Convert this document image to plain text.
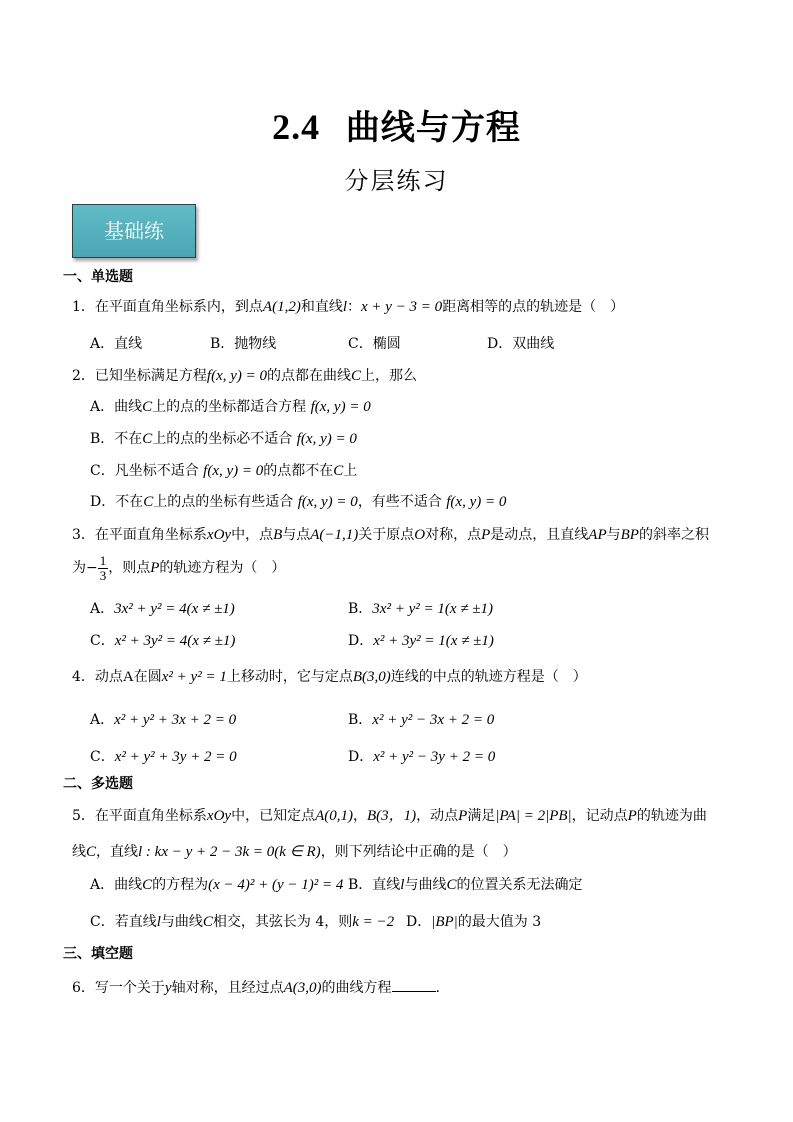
2.4 曲线与方程
分层练习
基础练
一、单选题
1．在平面直角坐标系内，到点A(1,2)和直线l：x + y − 3 = 0距离相等的点的轨迹是（　）
A．直线	B．抛物线	C．椭圆	D．双曲线
2．已知坐标满足方程f(x, y) = 0的点都在曲线C上，那么
A．曲线C上的点的坐标都适合方程 f(x, y) = 0
B．不在C上的点的坐标必不适合 f(x, y) = 0
C．凡坐标不适合 f(x, y) = 0的点都不在C上
D．不在C上的点的坐标有些适合 f(x, y) = 0，有些不适合 f(x, y) = 0
3．在平面直角坐标系xOy中，点B与点A(−1,1)关于原点O对称，点P是动点，且直线AP与BP的斜率之积
为− $\frac{1}{3}$ ，则点P的轨迹方程为（　）
A．3x² + y² = 4(x ≠ ±1)	B．3x² + y² = 1(x ≠ ±1)
C．x² + 3y² = 4(x ≠ ±1)	D．x² + 3y² = 1(x ≠ ±1)
4．动点A在圆x² + y² = 1上移动时，它与定点B(3,0)连线的中点的轨迹方程是（　）
A．x² + y² + 3x + 2 = 0	B．x² + y² − 3x + 2 = 0
C．x² + y² + 3y + 2 = 0	D．x² + y² − 3y + 2 = 0
二、多选题
5．在平面直角坐标系xOy中，已知定点A(0,1)，B(3，1)，动点P满足|PA| = 2|PB|，记动点P的轨迹为曲
线C，直线l : kx − y + 2 − 3k = 0(k ∈ R)，则下列结论中正确的是（　）
A．曲线C的方程为(x − 4)² + (y − 1)² = 4 B．直线l与曲线C的位置关系无法确定
C．若直线l与曲线C相交，其弦长为 4，则k = −2 D．|BP|的最大值为 3
三、填空题
6．写一个关于y轴对称，且经过点A(3,0)的曲线方程	.
